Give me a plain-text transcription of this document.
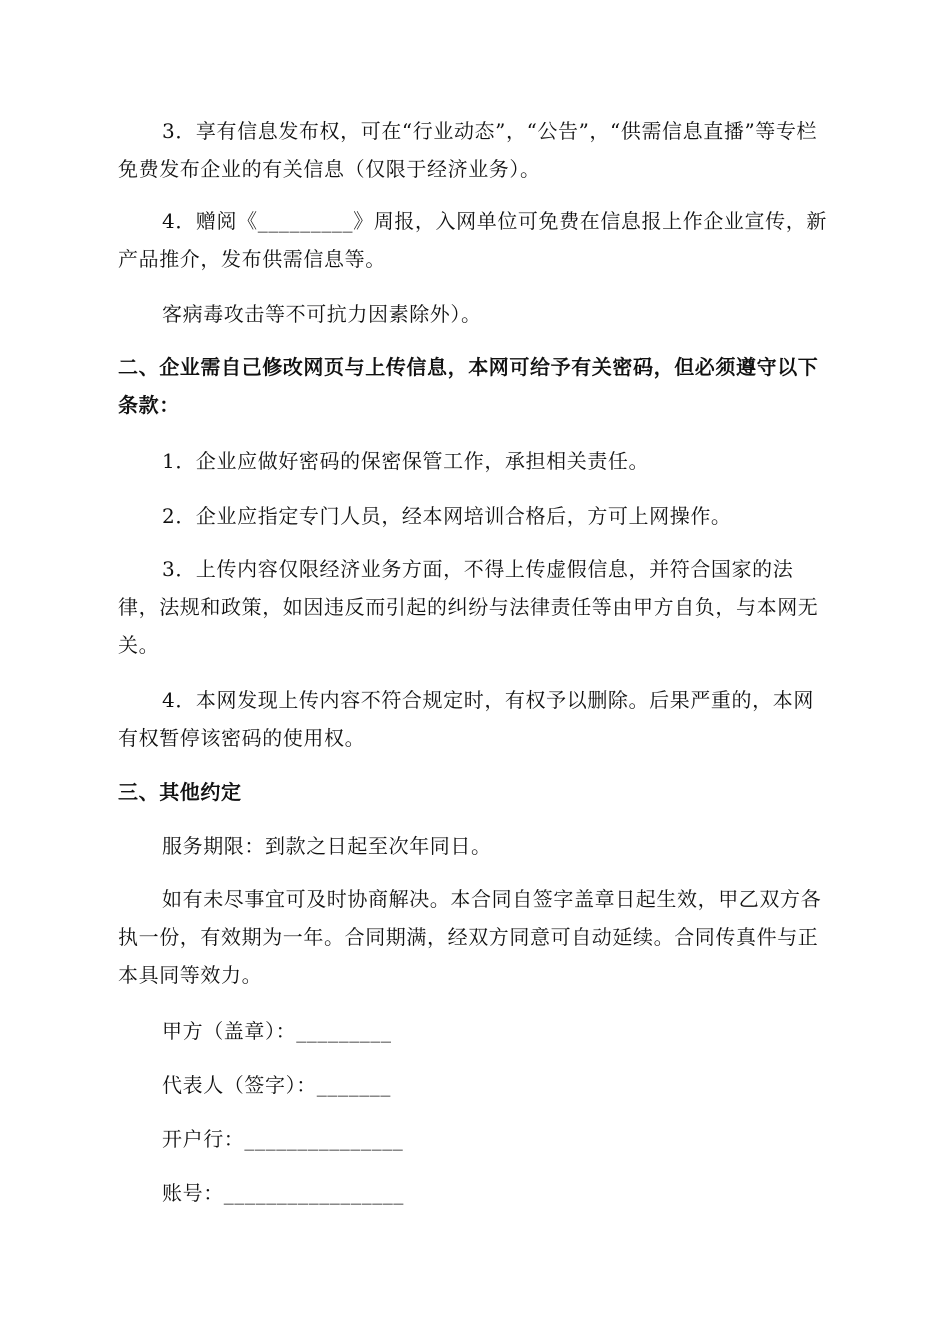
3．享有信息发布权，可在“行业动态”，“公告”，“供需信息直播”等专栏免费发布企业的有关信息（仅限于经济业务）。

4．赠阅《_________》周报，入网单位可免费在信息报上作企业宣传，新产品推介，发布供需信息等。

客病毒攻击等不可抗力因素除外）。

二、企业需自己修改网页与上传信息，本网可给予有关密码，但必须遵守以下条款：

1．企业应做好密码的保密保管工作，承担相关责任。

2．企业应指定专门人员，经本网培训合格后，方可上网操作。

3．上传内容仅限经济业务方面，不得上传虚假信息，并符合国家的法律，法规和政策，如因违反而引起的纠纷与法律责任等由甲方自负，与本网无关。

4．本网发现上传内容不符合规定时，有权予以删除。后果严重的，本网有权暂停该密码的使用权。

三、其他约定

服务期限：到款之日起至次年同日。

如有未尽事宜可及时协商解决。本合同自签字盖章日起生效，甲乙双方各执一份，有效期为一年。合同期满，经双方同意可自动延续。合同传真件与正本具同等效力。

甲方（盖章）：_________

代表人（签字）：_______

开户行：_______________

账号：_________________
